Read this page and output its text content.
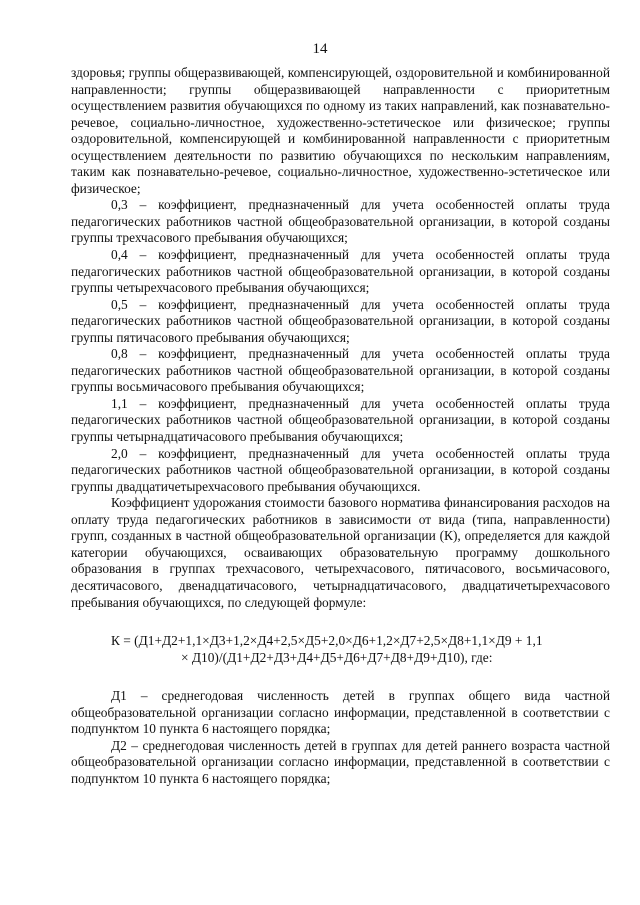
14

здоровья; группы общеразвивающей, компенсирующей, оздоровительной и комбинированной направленности; группы общеразвивающей направленности с приоритетным осуществлением развития обучающихся по одному из таких направлений, как познавательно-речевое, социально-личностное, художественно-эстетическое или физическое; группы оздоровительной, компенсирующей и комбинированной направленности с приоритетным осуществлением деятельности по развитию обучающихся по нескольким направлениям, таким как познавательно-речевое, социально-личностное, художественно-эстетическое или физическое;

0,3 – коэффициент, предназначенный для учета особенностей оплаты труда педагогических работников частной общеобразовательной организации, в которой созданы группы трехчасового пребывания обучающихся;

0,4 – коэффициент, предназначенный для учета особенностей оплаты труда педагогических работников частной общеобразовательной организации, в которой созданы группы четырехчасового пребывания обучающихся;

0,5 – коэффициент, предназначенный для учета особенностей оплаты труда педагогических работников частной общеобразовательной организации, в которой созданы группы пятичасового пребывания обучающихся;

0,8 – коэффициент, предназначенный для учета особенностей оплаты труда педагогических работников частной общеобразовательной организации, в которой созданы группы восьмичасового пребывания обучающихся;

1,1 – коэффициент, предназначенный для учета особенностей оплаты труда педагогических работников частной общеобразовательной организации, в которой созданы группы четырнадцатичасового пребывания обучающихся;

2,0 – коэффициент, предназначенный для учета особенностей оплаты труда педагогических работников частной общеобразовательной организации, в которой созданы группы двадцатичетырехчасового пребывания обучающихся.

Коэффициент удорожания стоимости базового норматива финансирования расходов на оплату труда педагогических работников в зависимости от вида (типа, направленности) групп, созданных в частной общеобразовательной организации (К), определяется для каждой категории обучающихся, осваивающих образовательную программу дошкольного образования в группах трехчасового, четырехчасового, пятичасового, восьмичасового, десятичасового, двенадцатичасового, четырнадцатичасового, двадцатичетырехчасового пребывания обучающихся, по следующей формуле:

К = (Д1+Д2+1,1×Д3+1,2×Д4+2,5×Д5+2,0×Д6+1,2×Д7+2,5×Д8+1,1×Д9 + 1,1
× Д10)/(Д1+Д2+Д3+Д4+Д5+Д6+Д7+Д8+Д9+Д10), где:

Д1 – среднегодовая численность детей в группах общего вида частной общеобразовательной организации согласно информации, представленной в соответствии с подпунктом 10 пункта 6 настоящего порядка;

Д2 – среднегодовая численность детей в группах для детей раннего возраста частной общеобразовательной организации согласно информации, представленной в соответствии с подпунктом 10 пункта 6 настоящего порядка;
